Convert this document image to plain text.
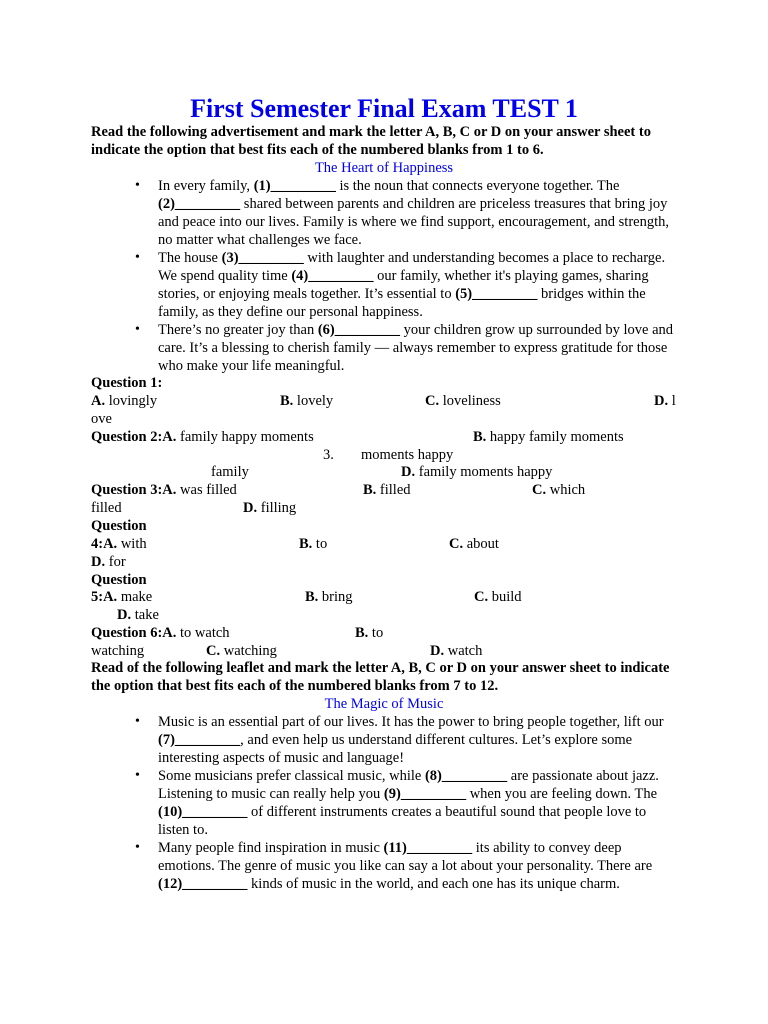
First Semester Final Exam TEST 1
Read the following advertisement and mark the letter A, B, C or D on your answer sheet to indicate the option that best fits each of the numbered blanks from 1 to 6.
The Heart of Happiness
• In every family, (1)_________ is the noun that connects everyone together. The (2)_________ shared between parents and children are priceless treasures that bring joy and peace into our lives. Family is where we find support, encouragement, and strength, no matter what challenges we face.
• The house (3)_________ with laughter and understanding becomes a place to recharge. We spend quality time (4)_________ our family, whether it's playing games, sharing stories, or enjoying meals together. It’s essential to (5)_________ bridges within the family, as they define our personal happiness.
• There’s no greater joy than (6)_________ your children grow up surrounded by love and care. It’s a blessing to cherish family — always remember to express gratitude for those who make your life meaningful.
Question 1:
A. lovingly	B. lovely	C. loveliness	D. l
ove
Question 2:A. family happy moments	B. happy family moments
3. moments happy
family	D. family moments happy
Question 3:A. was filled	B. filled	C. which
filled	D. filling
Question
4:A. with	B. to	C. about
D. for
Question
5:A. make	B. bring	C. build
D. take
Question 6:A. to watch	B. to
watching	C. watching	D. watch
Read of the following leaflet and mark the letter A, B, C or D on your answer sheet to indicate the option that best fits each of the numbered blanks from 7 to 12.
The Magic of Music
• Music is an essential part of our lives. It has the power to bring people together, lift our (7)_________, and even help us understand different cultures. Let’s explore some interesting aspects of music and language!
• Some musicians prefer classical music, while (8)_________ are passionate about jazz. Listening to music can really help you (9)_________ when you are feeling down. The (10)_________ of different instruments creates a beautiful sound that people love to listen to.
• Many people find inspiration in music (11)_________ its ability to convey deep emotions. The genre of music you like can say a lot about your personality. There are (12)_________ kinds of music in the world, and each one has its unique charm.
